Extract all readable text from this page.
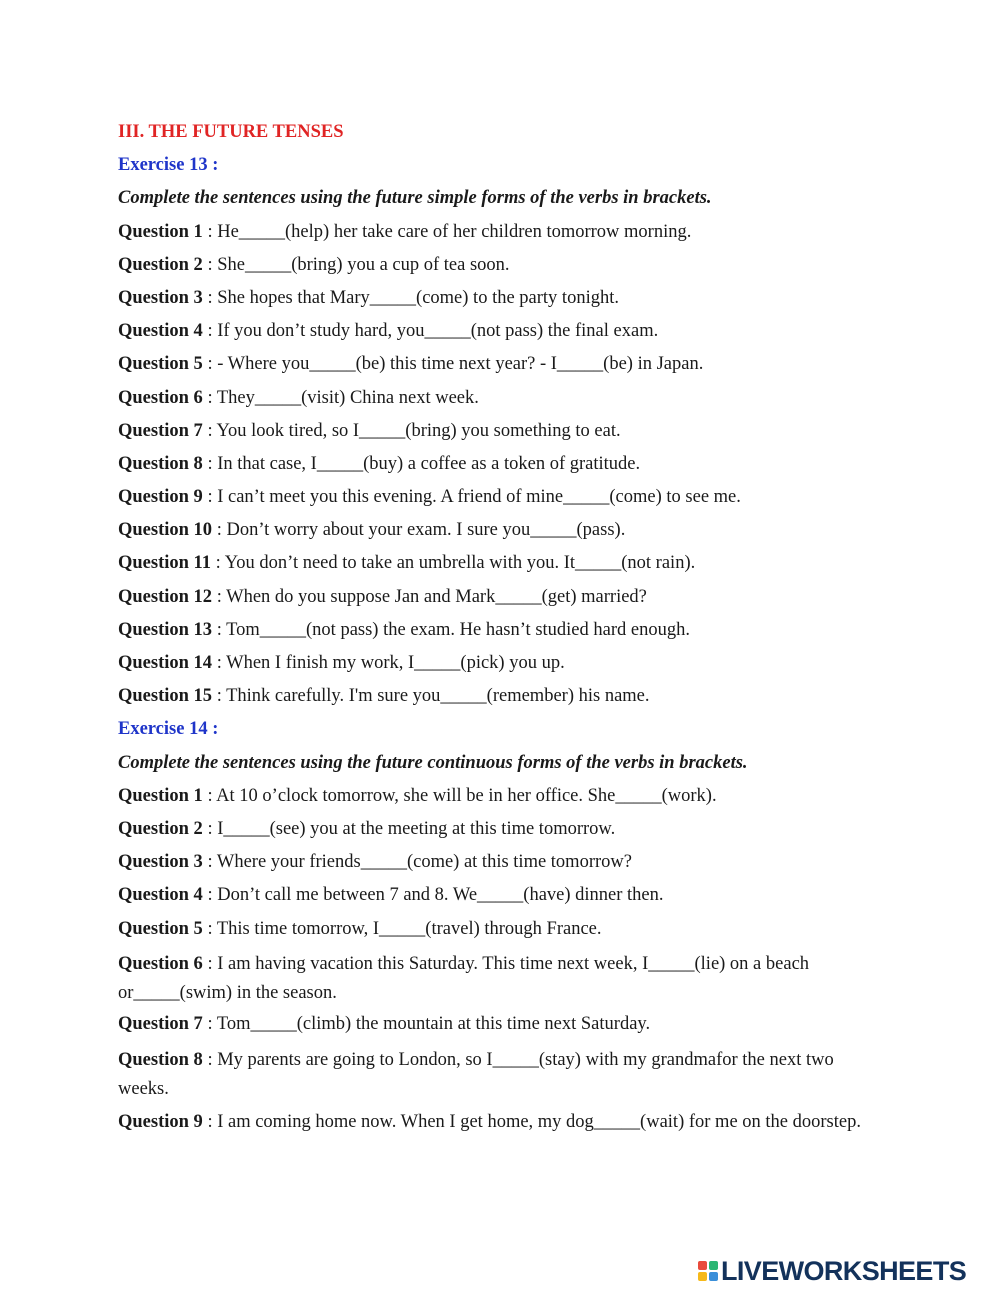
III. THE FUTURE TENSES
Exercise 13 :
Complete the sentences using the future simple forms of the verbs in brackets.
Question 1 : He_____(help) her take care of her children tomorrow morning.
Question 2 : She_____(bring) you a cup of tea soon.
Question 3 : She hopes that Mary_____(come) to the party tonight.
Question 4 : If you don’t study hard, you_____(not pass) the final exam.
Question 5 : - Where you_____(be) this time next year? - I_____(be) in Japan.
Question 6 : They_____(visit) China next week.
Question 7 : You look tired, so I_____(bring) you something to eat.
Question 8 : In that case, I_____(buy) a coffee as a token of gratitude.
Question 9 : I can’t meet you this evening. A friend of mine_____(come) to see me.
Question 10 : Don’t worry about your exam. I sure you_____(pass).
Question 11 : You don’t need to take an umbrella with you. It_____(not rain).
Question 12 : When do you suppose Jan and Mark_____(get) married?
Question 13 : Tom_____(not pass) the exam. He hasn’t studied hard enough.
Question 14 : When I finish my work, I_____(pick) you up.
Question 15 : Think carefully. I'm sure you_____(remember) his name.
Exercise 14 :
Complete the sentences using the future continuous forms of the verbs in brackets.
Question 1 : At 10 o’clock tomorrow, she will be in her office. She_____(work).
Question 2 : I_____(see) you at the meeting at this time tomorrow.
Question 3 : Where your friends_____(come) at this time tomorrow?
Question 4 : Don’t call me between 7 and 8. We_____(have) dinner then.
Question 5 : This time tomorrow, I_____(travel) through France.
Question 6 : I am having vacation this Saturday. This time next week, I_____(lie) on a beach or_____(swim) in the season.
Question 7 : Tom_____(climb) the mountain at this time next Saturday.
Question 8 : My parents are going to London, so I_____(stay) with my grandmafor the next two weeks.
Question 9 : I am coming home now. When I get home, my dog_____(wait) for me on the doorstep.
LIVEWORKSHEETS
